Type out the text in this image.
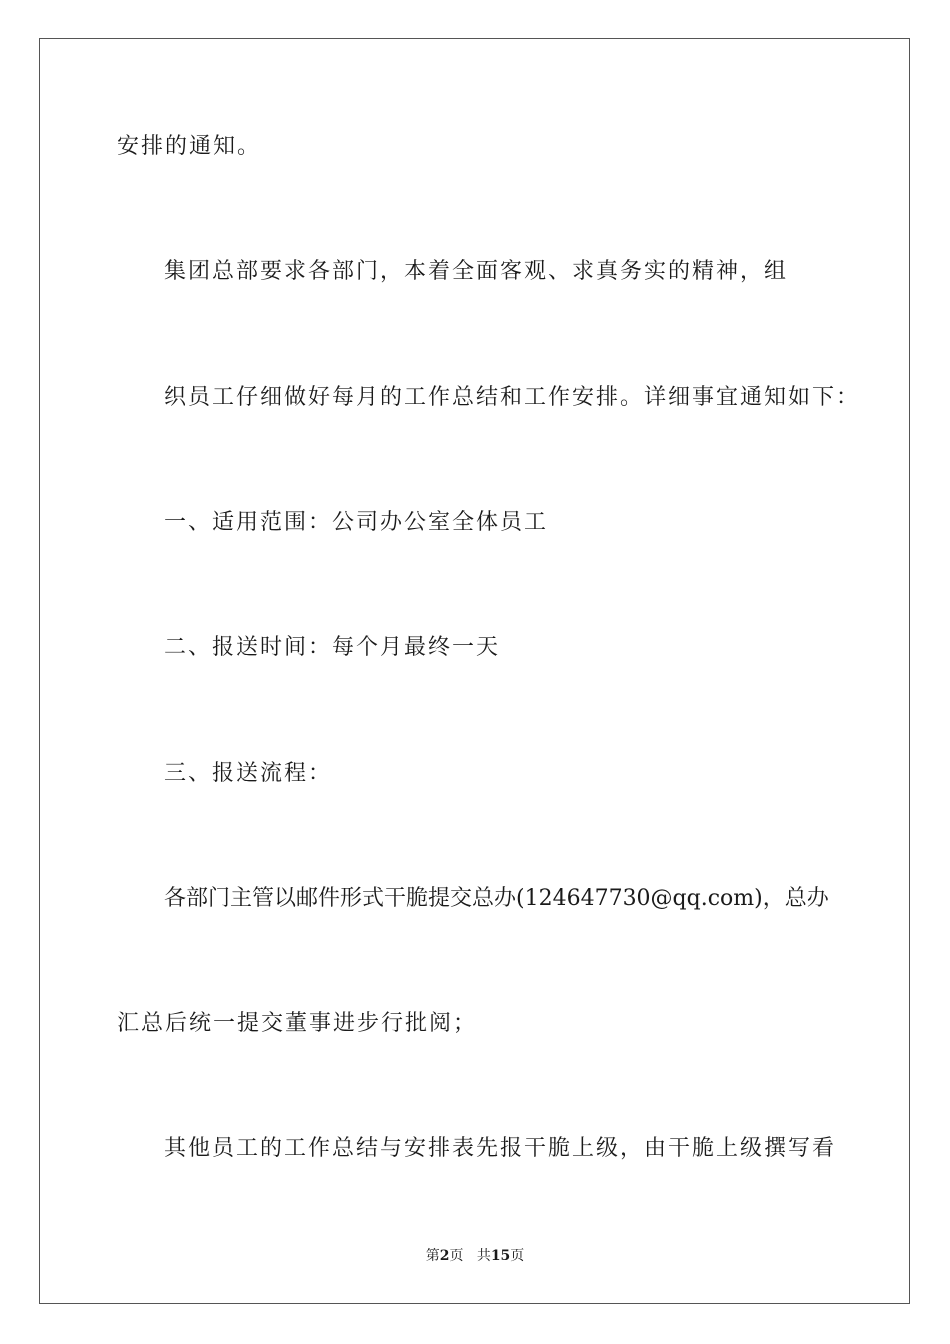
安排的通知。

集团总部要求各部门，本着全面客观、求真务实的精神，组

织员工仔细做好每月的工作总结和工作安排。详细事宜通知如下：

一、适用范围：公司办公室全体员工

二、报送时间：每个月最终一天

三、报送流程：

各部门主管以邮件形式干脆提交总办(124647730@qq.com)，总办

汇总后统一提交董事进步行批阅；

其他员工的工作总结与安排表先报干脆上级，由干脆上级撰写看

第2页 共15页
